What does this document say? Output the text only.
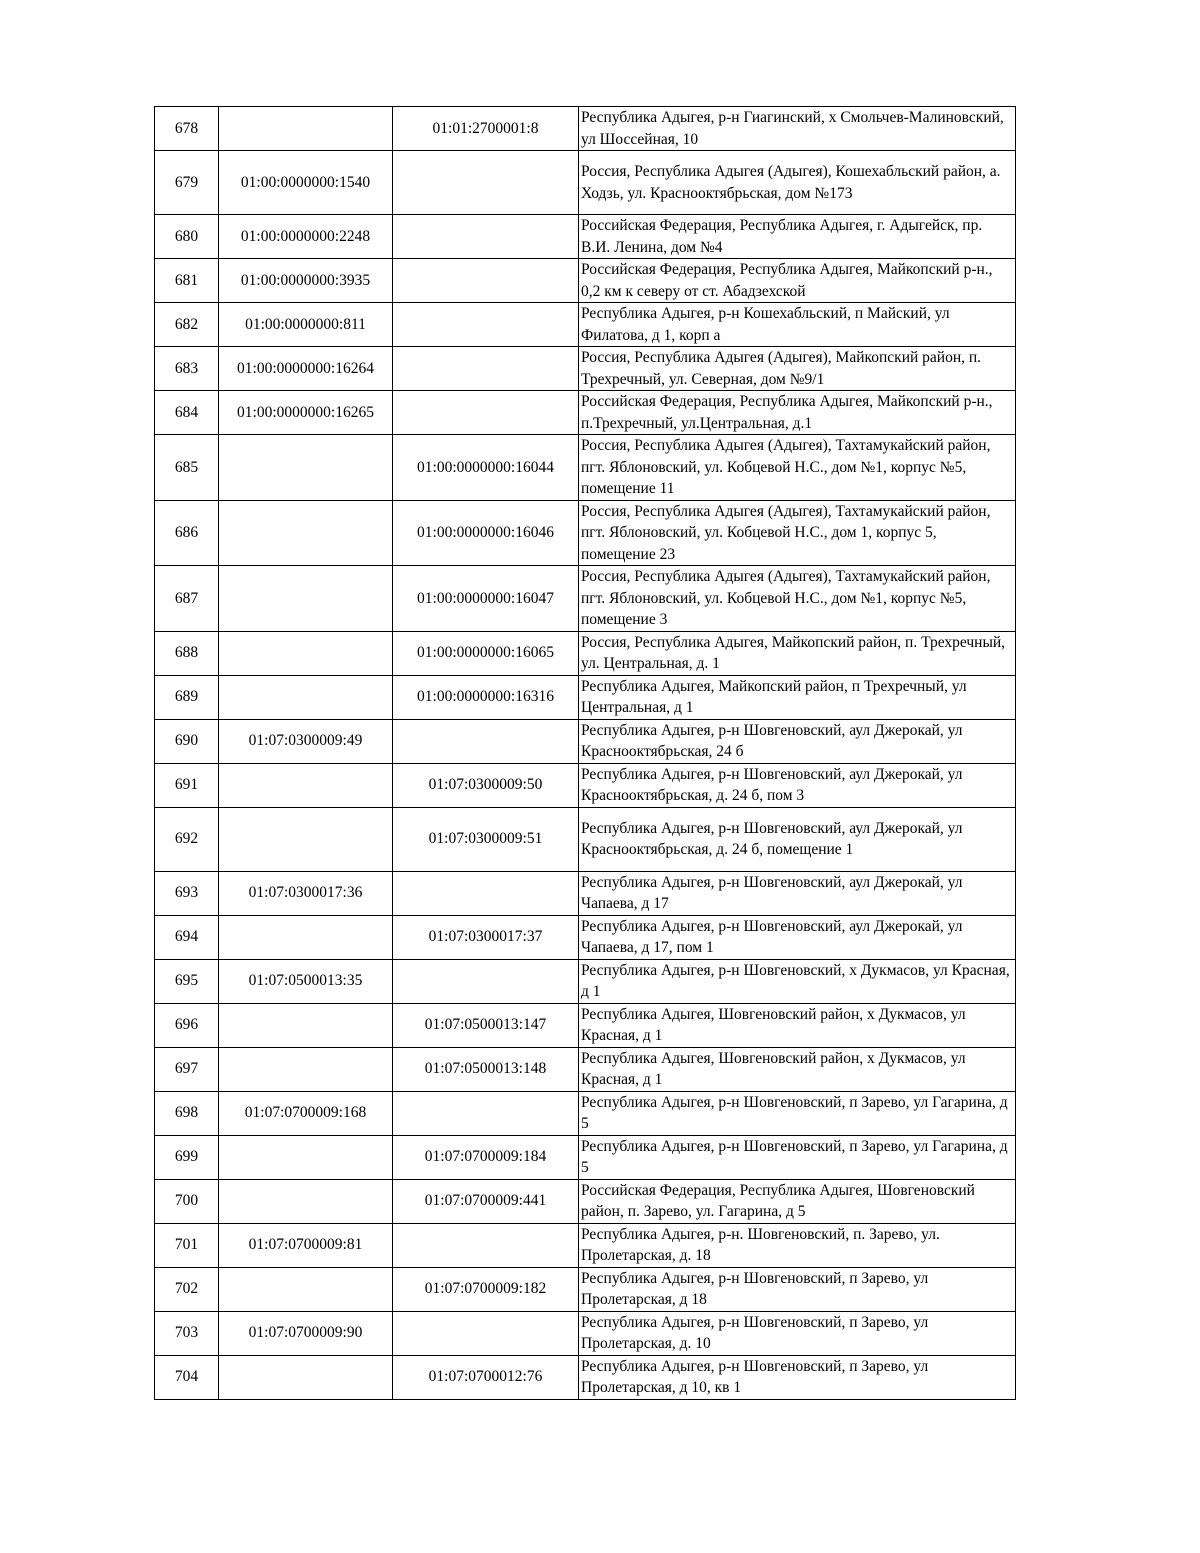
678		01:01:2700001:8	Республика Адыгея, р-н Гиагинский, х Смольчев-Малиновский, ул Шоссейная, 10
679	01:00:0000000:1540		Россия, Республика Адыгея (Адыгея), Кошехабльский район, а. Ходзь, ул. Краснооктябрьская, дом №173
680	01:00:0000000:2248		Российская Федерация, Республика Адыгея, г. Адыгейск, пр. В.И. Ленина, дом №4
681	01:00:0000000:3935		Российская Федерация, Республика Адыгея, Майкопский р-н., 0,2 км к северу от ст. Абадзехской
682	01:00:0000000:811		Республика Адыгея, р-н Кошехабльский, п Майский, ул Филатова, д 1, корп а
683	01:00:0000000:16264		Россия, Республика Адыгея (Адыгея), Майкопский район, п. Трехречный, ул. Северная, дом №9/1
684	01:00:0000000:16265		Российская Федерация, Республика Адыгея, Майкопский р-н., п.Трехречный, ул.Центральная, д.1
685		01:00:0000000:16044	Россия, Республика Адыгея (Адыгея), Тахтамукайский район, пгт. Яблоновский, ул. Кобцевой Н.С., дом №1, корпус №5, помещение 11
686		01:00:0000000:16046	Россия, Республика Адыгея (Адыгея), Тахтамукайский район, пгт. Яблоновский, ул. Кобцевой Н.С., дом 1, корпус 5, помещение 23
687		01:00:0000000:16047	Россия, Республика Адыгея (Адыгея), Тахтамукайский район, пгт. Яблоновский, ул. Кобцевой Н.С., дом №1, корпус №5, помещение 3
688		01:00:0000000:16065	Россия, Республика Адыгея, Майкопский район, п. Трехречный, ул. Центральная, д. 1
689		01:00:0000000:16316	Республика Адыгея, Майкопский район, п Трехречный, ул Центральная, д 1
690	01:07:0300009:49		Республика Адыгея, р-н Шовгеновский, аул Джерокай, ул Краснооктябрьская, 24 б
691		01:07:0300009:50	Республика Адыгея, р-н Шовгеновский, аул Джерокай, ул Краснооктябрьская, д. 24 б, пом 3
692		01:07:0300009:51	Республика Адыгея, р-н Шовгеновский, аул Джерокай, ул Краснооктябрьская, д. 24 б, помещение 1
693	01:07:0300017:36		Республика Адыгея, р-н Шовгеновский, аул Джерокай, ул Чапаева, д 17
694		01:07:0300017:37	Республика Адыгея, р-н Шовгеновский, аул Джерокай, ул Чапаева, д 17, пом 1
695	01:07:0500013:35		Республика Адыгея, р-н Шовгеновский, х Дукмасов, ул Красная, д 1
696		01:07:0500013:147	Республика Адыгея, Шовгеновский район, х Дукмасов, ул Красная, д 1
697		01:07:0500013:148	Республика Адыгея, Шовгеновский район, х Дукмасов, ул Красная, д 1
698	01:07:0700009:168		Республика Адыгея, р-н Шовгеновский, п Зарево, ул Гагарина, д 5
699		01:07:0700009:184	Республика Адыгея, р-н Шовгеновский, п Зарево, ул Гагарина, д 5
700		01:07:0700009:441	Российская Федерация, Республика Адыгея, Шовгеновский район, п. Зарево, ул. Гагарина, д 5
701	01:07:0700009:81		Республика Адыгея, р-н. Шовгеновский, п. Зарево, ул. Пролетарская, д. 18
702		01:07:0700009:182	Республика Адыгея, р-н Шовгеновский, п Зарево, ул Пролетарская, д 18
703	01:07:0700009:90		Республика Адыгея, р-н Шовгеновский, п Зарево, ул Пролетарская, д. 10
704		01:07:0700012:76	Республика Адыгея, р-н Шовгеновский, п Зарево, ул Пролетарская, д 10, кв 1
